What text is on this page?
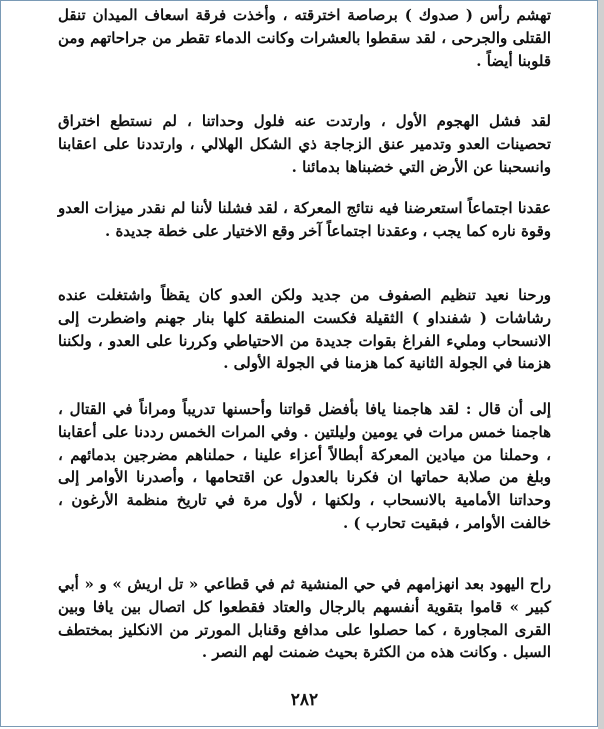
تهشم رأس ( صدوك ) برصاصة اخترقته ، وأخذت فرقة اسعاف الميدان تنقل القتلى والجرحى ، لقد سقطوا بالعشرات وكانت الدماء تقطر من جراحاتهم ومن قلوبنا أيضاً .

لقد فشل الهجوم الأول ، وارتدت عنه فلول وحداتنا ، لم نستطع اختراق تحصينات العدو وتدمير عنق الزجاجة ذي الشكل الهلالي ، وارتددنا على اعقابنا وانسحبنا عن الأرض التي خضبناها بدمائنا .

عقدنا اجتماعاً استعرضنا فيه نتائج المعركة ، لقد فشلنا لأننا لم نقدر ميزات العدو وقوة ناره كما يجب ، وعقدنا اجتماعاً آخر وقع الاختيار على خطة جديدة .

ورحنا نعيد تنظيم الصفوف من جديد ولكن العدو كان يقظاً واشتغلت عنده رشاشات ( شفنداو ) الثقيلة فكست المنطقة كلها بنار جهنم واضطرت إلى الانسحاب ومليء الفراغ بقوات جديدة من الاحتياطي وكررنا على العدو ، ولكننا هزمنا في الجولة الثانية كما هزمنا في الجولة الأولى .

إلى أن قال : لقد هاجمنا يافا بأفضل قواتنا وأحسنها تدريباً ومراناً في القتال ، هاجمنا خمس مرات في يومين وليلتين . وفي المرات الخمس رددنا على أعقابنا ، وحملنا من ميادين المعركة أبطالاً أعزاء علينا ، حملناهم مضرجين بدمائهم ، وبلغ من صلابة حماتها ان فكرنا بالعدول عن اقتحامها ، وأصدرنا الأوامر إلى وحداتنا الأمامية بالانسحاب ، ولكنها ، لأول مرة في تاريخ منظمة الأرغون ، خالفت الأوامر ، فبقيت تحارب ) .

راح اليهود بعد انهزامهم في حي المنشية ثم في قطاعي « تل اريش » و « أبي كبير » قاموا بتقوية أنفسهم بالرجال والعتاد فقطعوا كل اتصال بين يافا وبين القرى المجاورة ، كما حصلوا على مدافع وقنابل المورتر من الانكليز بمختطف السبل . وكانت هذه من الكثرة بحيث ضمنت لهم النصر .

٢٨٢
